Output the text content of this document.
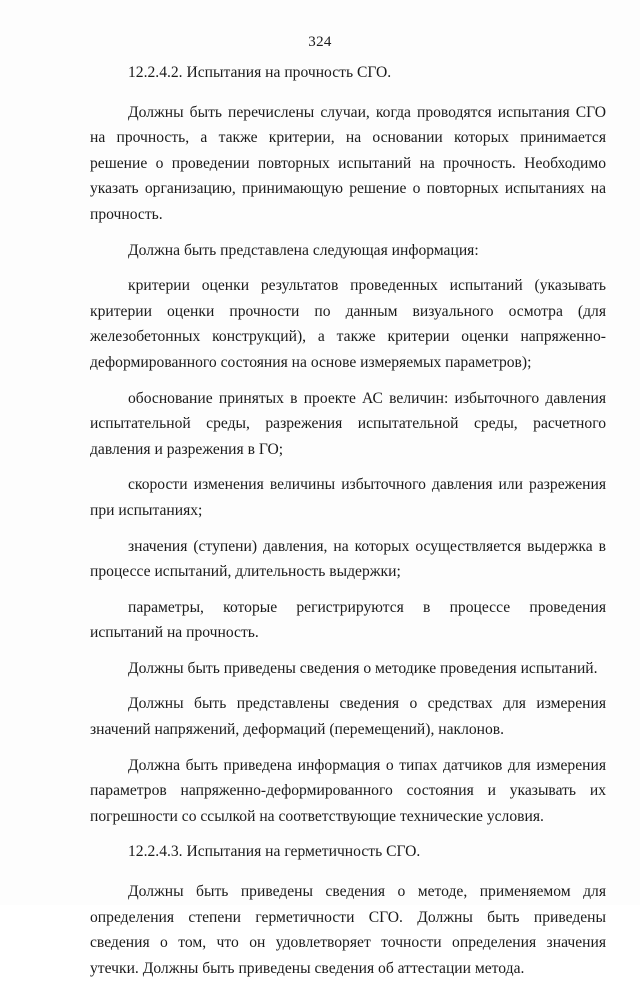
324

12.2.4.2. Испытания на прочность СГО.

Должны быть перечислены случаи, когда проводятся испытания СГО на прочность, а также критерии, на основании которых принимается решение о проведении повторных испытаний на прочность. Необходимо указать организацию, принимающую решение о повторных испытаниях на прочность.

Должна быть представлена следующая информация:

критерии оценки результатов проведенных испытаний (указывать критерии оценки прочности по данным визуального осмотра (для железобетонных конструкций), а также критерии оценки напряженно-деформированного состояния на основе измеряемых параметров);

обоснование принятых в проекте АС величин: избыточного давления испытательной среды, разрежения испытательной среды, расчетного давления и разрежения в ГО;

скорости изменения величины избыточного давления или разрежения при испытаниях;

значения (ступени) давления, на которых осуществляется выдержка в процессе испытаний, длительность выдержки;

параметры, которые регистрируются в процессе проведения испытаний на прочность.

Должны быть приведены сведения о методике проведения испытаний.

Должны быть представлены сведения о средствах для измерения значений напряжений, деформаций (перемещений), наклонов.

Должна быть приведена информация о типах датчиков для измерения параметров напряженно-деформированного состояния и указывать их погрешности со ссылкой на соответствующие технические условия.

12.2.4.3. Испытания на герметичность СГО.

Должны быть приведены сведения о методе, применяемом для определения степени герметичности СГО. Должны быть приведены сведения о том, что он удовлетворяет точности определения значения утечки. Должны быть приведены сведения об аттестации метода.
